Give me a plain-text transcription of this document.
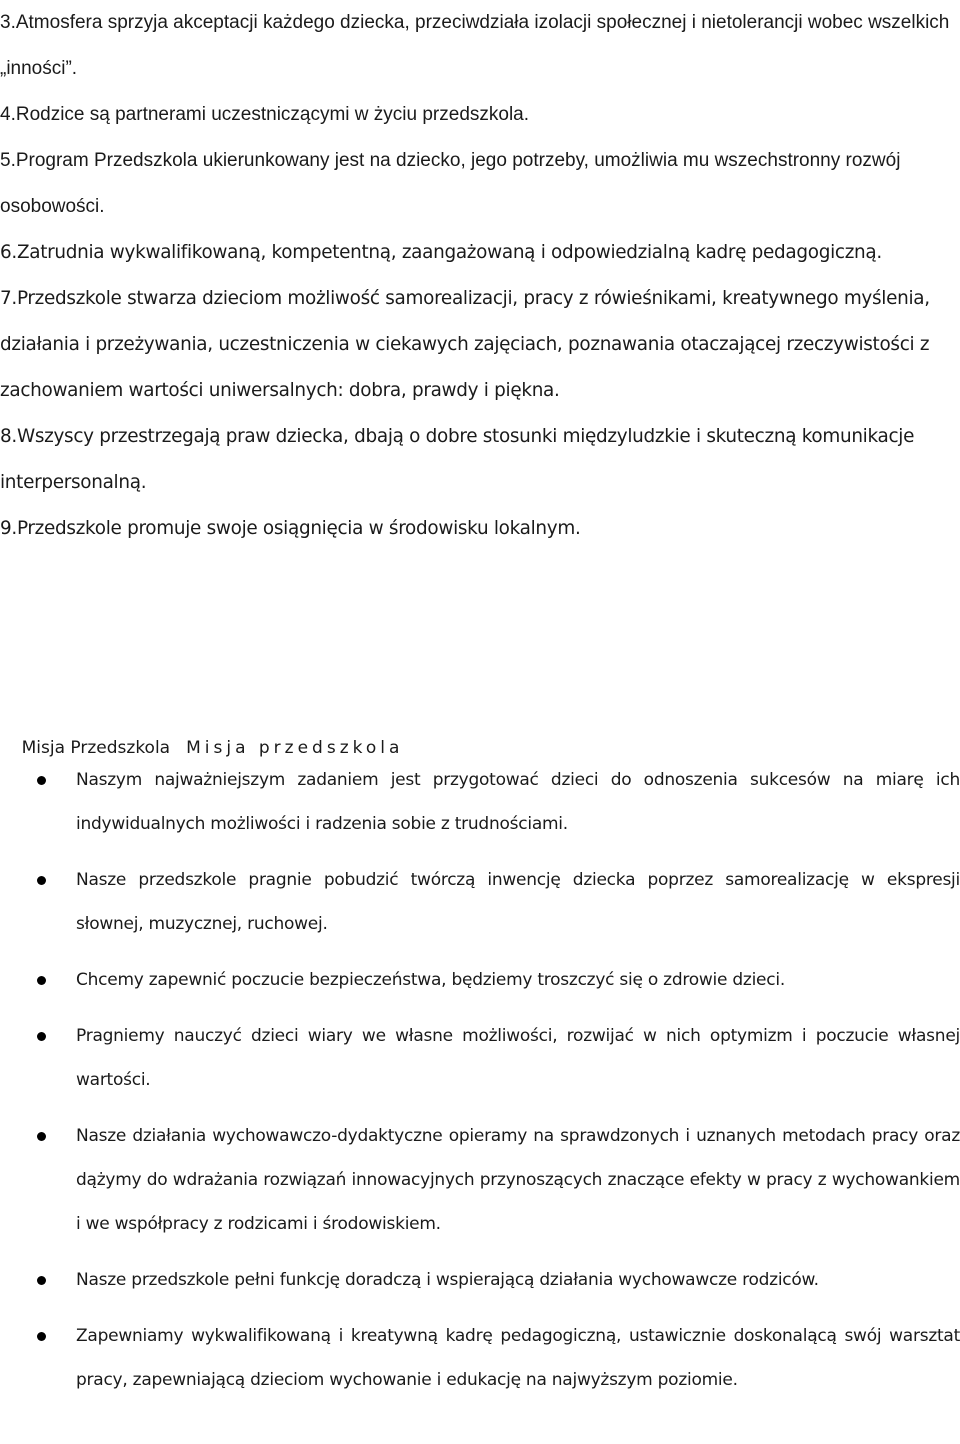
3.Atmosfera sprzyja akceptacji każdego dziecka, przeciwdziała izolacji społecznej i nietolerancji wobec wszelkich „inności”.

4.Rodzice są partnerami uczestniczącymi w życiu przedszkola.

5.Program Przedszkola ukierunkowany jest na dziecko, jego potrzeby, umożliwia mu wszechstronny rozwój osobowości.

6.Zatrudnia wykwalifikowaną, kompetentną, zaangażowaną i odpowiedzialną kadrę pedagogiczną.

7.Przedszkole stwarza dzieciom możliwość samorealizacji, pracy z rówieśnikami, kreatywnego myślenia, działania i przeżywania, uczestniczenia w ciekawych zajęciach, poznawania otaczającej rzeczywistości z zachowaniem wartości uniwersalnych: dobra, prawdy i piękna.

8.Wszyscy przestrzegają praw dziecka, dbają o dobre stosunki międzyludzkie i skuteczną komunikacje interpersonalną.

9.Przedszkole promuje swoje osiągnięcia w środowisku lokalnym.

Misja Przedszkola Misja przedszkola

Naszym najważniejszym zadaniem jest przygotować dzieci do odnoszenia sukcesów na miarę ich indywidualnych możliwości i radzenia sobie z trudnościami.
Nasze przedszkole pragnie pobudzić twórczą inwencję dziecka poprzez samorealizację w ekspresji słownej, muzycznej, ruchowej.
Chcemy zapewnić poczucie bezpieczeństwa, będziemy troszczyć się o zdrowie dzieci.
Pragniemy nauczyć dzieci wiary we własne możliwości, rozwijać w nich optymizm i poczucie własnej wartości.
Nasze działania wychowawczo-dydaktyczne opieramy na sprawdzonych i uznanych metodach pracy oraz dążymy do wdrażania rozwiązań innowacyjnych przynoszących znaczące efekty w pracy z wychowankiem i we współpracy z rodzicami i środowiskiem.
Nasze przedszkole pełni funkcję doradczą i wspierającą działania wychowawcze rodziców.
Zapewniamy wykwalifikowaną i kreatywną kadrę pedagogiczną, ustawicznie doskonalącą swój warsztat pracy, zapewniającą dzieciom wychowanie i edukację na najwyższym poziomie.
